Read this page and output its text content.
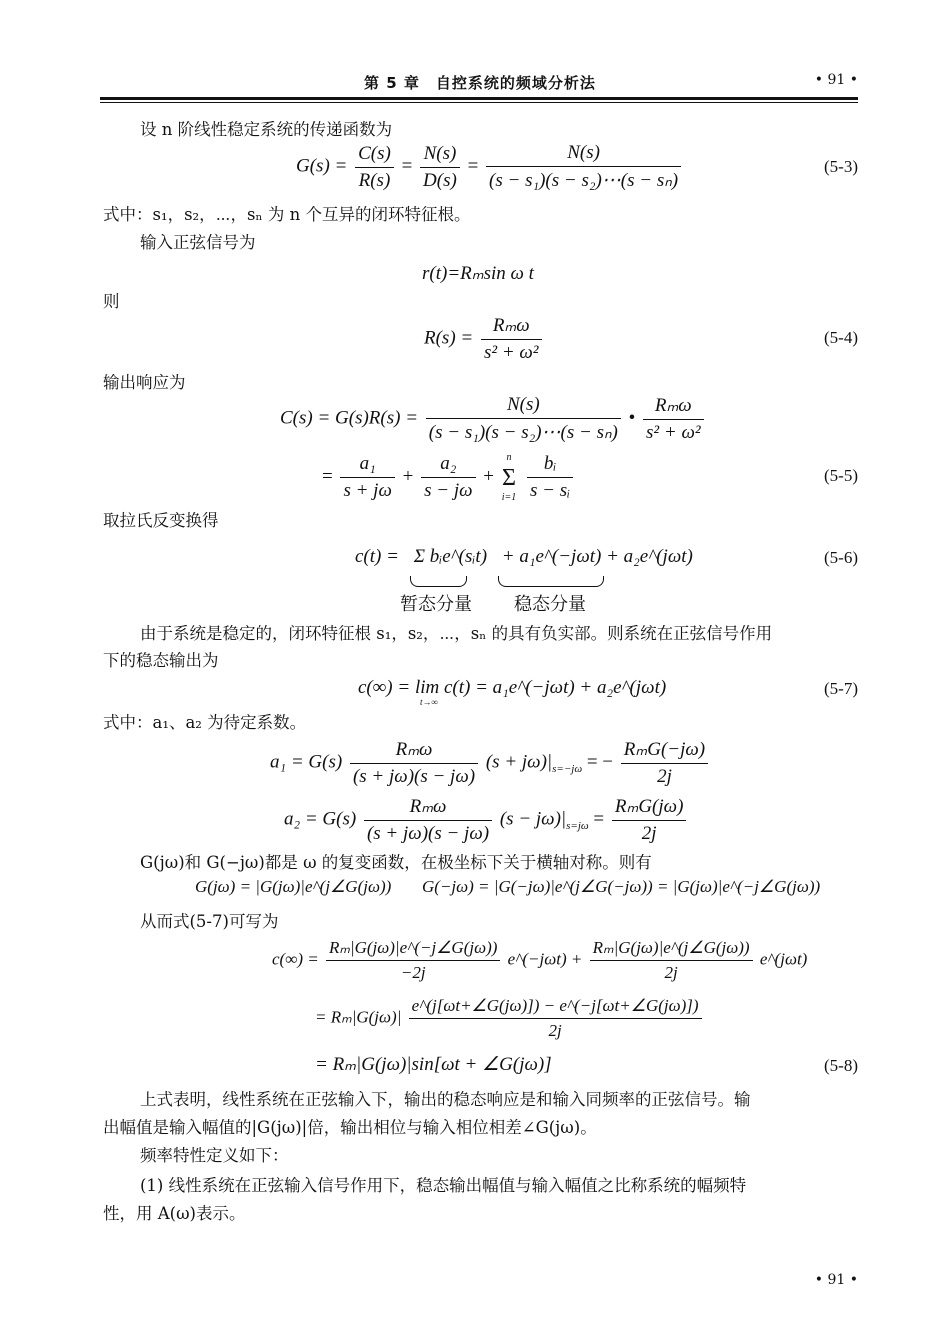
第 5 章　自控系统的频域分析法	• 91 •
设 n 阶线性稳定系统的传递函数为
$G(s) = \frac{C(s)}{R(s)} = \frac{N(s)}{D(s)} = \frac{N(s)}{\text{(s − s₁)(s − s₂)⋯(s − sₙ)}}$	(5-3)
式中：s₁，s₂，⋯，sₙ 为 n 个互异的闭环特征根。
输入正弦信号为
r(t)=Rₘsin ω t
则
$R(s) = \frac{\text{Rₘω}}{\text{s² + ω²}}$	(5-4)
输出响应为
$C(s) = G(s)R(s) = \frac{N(s)}{\text{(s − s₁)(s − s₂)⋯(s − sₙ)}}$ • $\frac{\text{Rₘω}}{\text{s² + ω²}}$
= $\frac{\text{a₁}}{s + j\omega} + \frac{\text{a₂}}{s - j\omega}$ +
n
Σ
i=1
$\frac{\text{bᵢ}}{\text{s − sᵢ}}$	(5-5)
取拉氏反变换得
c(t) = Σ bᵢe^(sᵢt) + a₁e^(−jωt) + a₂e^(jωt)
暂态分量 稳态分量
(5-6)
由于系统是稳定的，闭环特征根 s₁，s₂，⋯，sₙ 的具有负实部。则系统在正弦信号作用
下的稳态输出为
c(∞) = lim c(t) = a₁e^(−jωt) + a₂e^(jωt)
t→∞
(5-7)
式中：a₁、a₂ 为待定系数。
$a_1 = G(s) \frac{\text{Rₘω}}{(s + j\omega)(s - j\omega)} (s + j\omega)|_{s=-j\omega}$ = − $\frac{\text{RₘG(−jω)}}{2j}$
$a_2 = G(s) \frac{\text{Rₘω}}{(s + j\omega)(s - j\omega)} (s - j\omega)|_{s=j\omega} = \frac{\text{RₘG(jω)}}{2j}$
G(jω)和 G(−jω)都是 ω 的复变函数，在极坐标下关于横轴对称。则有
G(jω) = |G(jω)|e^(j∠G(jω)) G(−jω) = |G(−jω)|e^(j∠G(−jω)) = |G(jω)|e^(−j∠G(jω))
从而式(5-7)可写为
$c(\infty) = \frac{\text{Rₘ|G(jω)|e\textasciicircum{}(−j∠G(jω))}}{-2j}$ e^(−jωt) + $\frac{\text{Rₘ|G(jω)|e\textasciicircum{}(j∠G(jω))}}{2j}$ e^(jωt)
= $R_m|G(j\omega)| \frac{e\^{}(j[\omega t+\angle G(j\omega)]) - e\^{}(-j[\omega t+\angle G(j\omega)])}{2j}$
= Rₘ|G(jω)|sin[ωt + ∠G(jω)]	(5-8)
上式表明，线性系统在正弦输入下，输出的稳态响应是和输入同频率的正弦信号。输
出幅值是输入幅值的|G(jω)|倍，输出相位与输入相位相差∠G(jω)。
频率特性定义如下：
(1) 线性系统在正弦输入信号作用下，稳态输出幅值与输入幅值之比称系统的幅频特
性，用 A(ω)表示。
• 91 •
